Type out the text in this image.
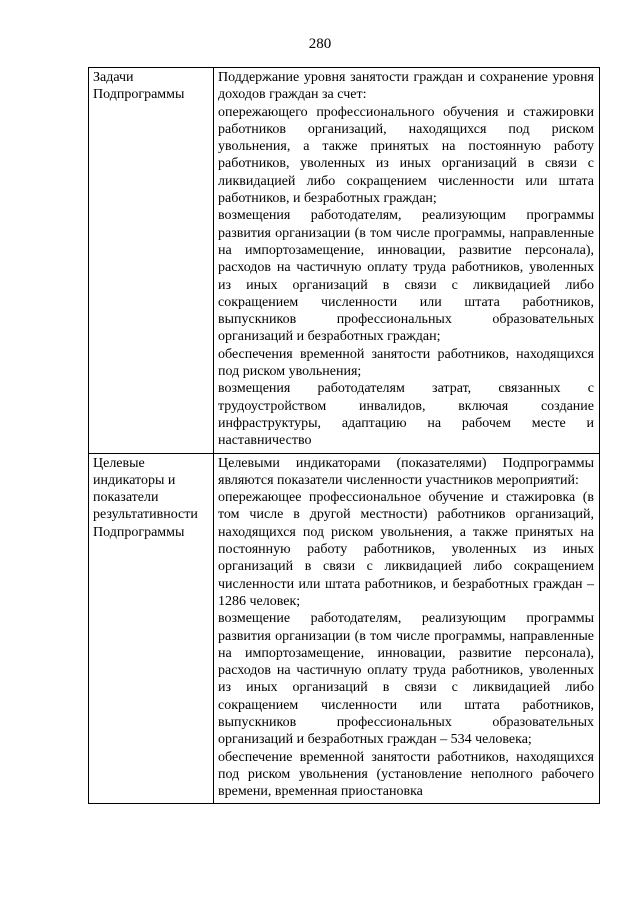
280
Задачи Подпрограммы	Поддержание уровня занятости граждан и сохранение уровня доходов граждан за счет:

опережающего профессионального обучения и стажировки работников организаций, находящихся под риском увольнения, а также принятых на постоянную работу работников, уволенных из иных организаций в связи с ликвидацией либо сокращением численности или штата работников, и безработных граждан;

возмещения работодателям, реализующим программы развития организации (в том числе программы, направленные на импортозамещение, инновации, развитие персонала), расходов на частичную оплату труда работников, уволенных из иных организаций в связи с ликвидацией либо сокращением численности или штата работников, выпускников профессиональных образовательных организаций и безработных граждан;

обеспечения временной занятости работников, находящихся под риском увольнения;

возмещения работодателям затрат, связанных с трудоустройством инвалидов, включая создание инфраструктуры, адаптацию на рабочем месте и наставничество

Целевые индикаторы и показатели результативности Подпрограммы	Целевыми индикаторами (показателями) Подпрограммы являются показатели численности участников мероприятий:

опережающее профессиональное обучение и стажировка (в том числе в другой местности) работников организаций, находящихся под риском увольнения, а также принятых на постоянную работу работников, уволенных из иных организаций в связи с ликвидацией либо сокращением численности или штата работников, и безработных граждан – 1286 человек;

возмещение работодателям, реализующим программы развития организации (в том числе программы, направленные на импортозамещение, инновации, развитие персонала), расходов на частичную оплату труда работников, уволенных из иных организаций в связи с ликвидацией либо сокращением численности или штата работников, выпускников профессиональных образовательных организаций и безработных граждан – 534 человека;

обеспечение временной занятости работников, находящихся под риском увольнения (установление неполного рабочего времени, временная приостановка
